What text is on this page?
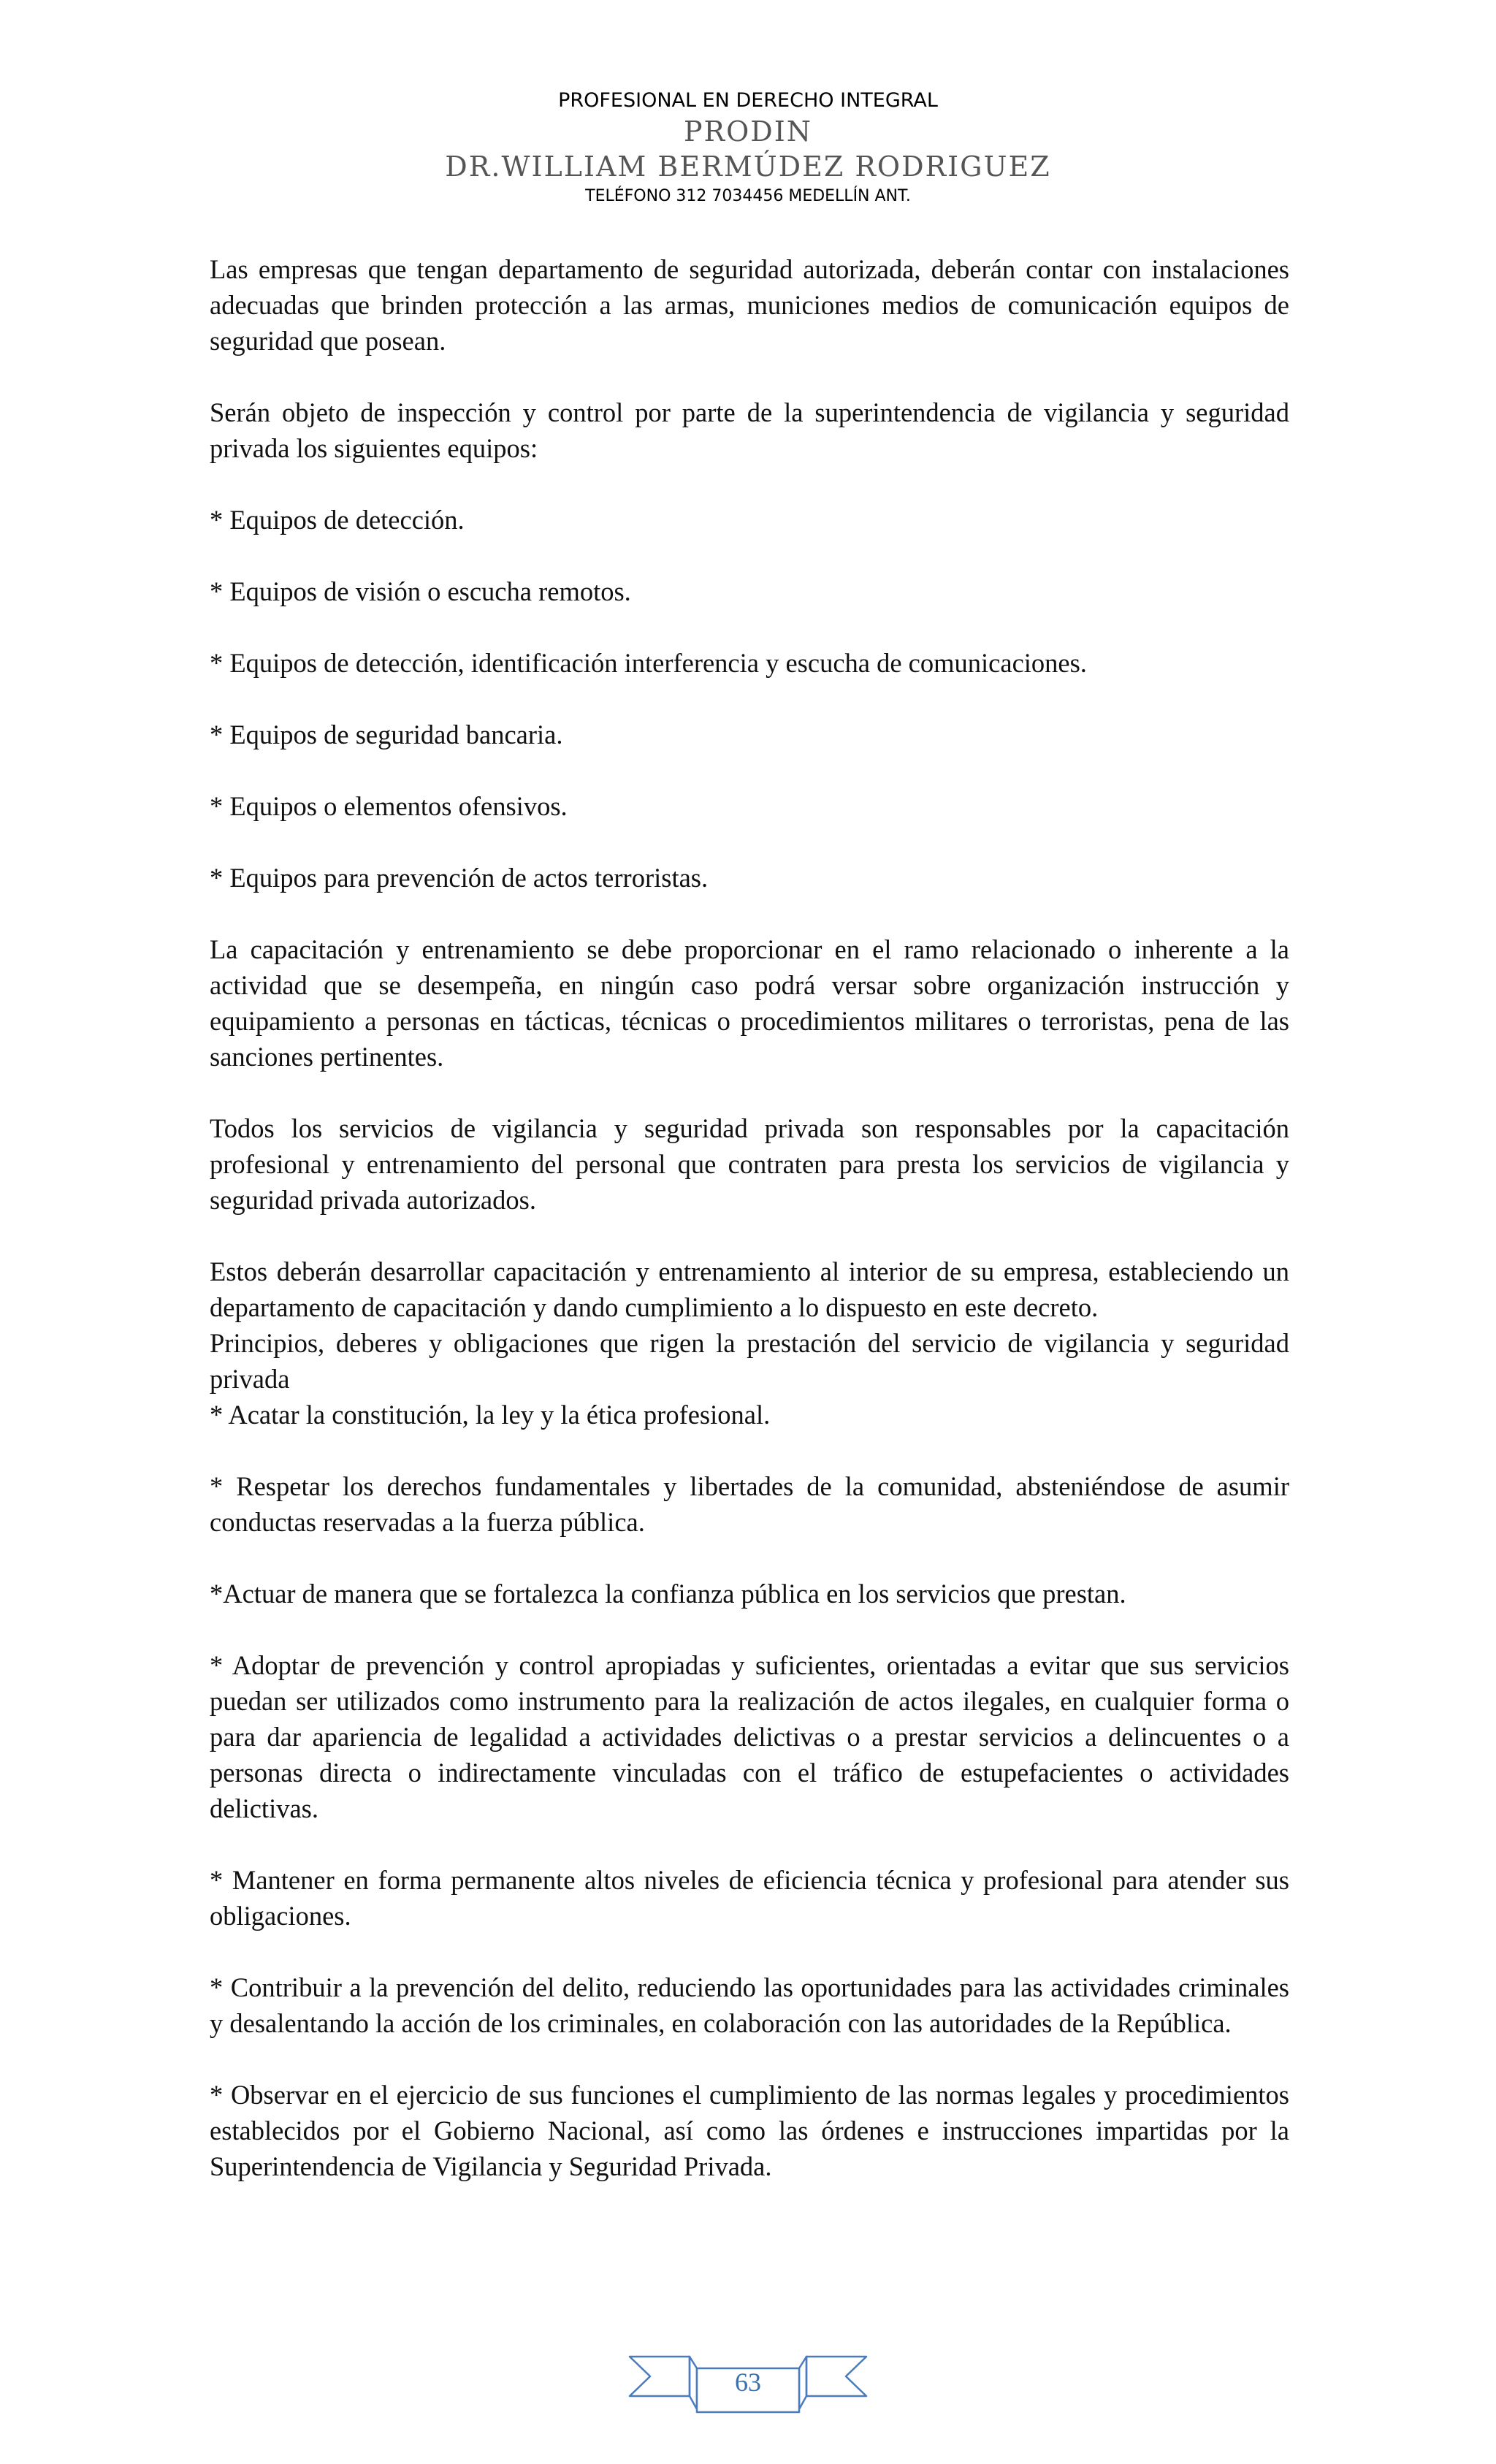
PROFESIONAL EN DERECHO INTEGRAL
PRODIN
DR.WILLIAM BERMÚDEZ RODRIGUEZ
TELÉFONO 312 7034456 MEDELLÍN ANT.

Las empresas que tengan departamento de seguridad autorizada, deberán contar con instalaciones adecuadas que brinden protección a las armas, municiones medios de comunicación equipos de seguridad que posean.

Serán objeto de inspección y control por parte de la superintendencia de vigilancia y seguridad privada los siguientes equipos:

* Equipos de detección.

* Equipos de visión o escucha remotos.

* Equipos de detección, identificación interferencia y escucha de comunicaciones.

* Equipos de seguridad bancaria.

* Equipos o elementos ofensivos.

* Equipos para prevención de actos terroristas.

La capacitación y entrenamiento se debe proporcionar en el ramo relacionado o inherente a la actividad que se desempeña, en ningún caso podrá versar sobre organización instrucción y equipamiento a personas en tácticas, técnicas o procedimientos militares o terroristas, pena de las sanciones pertinentes.

Todos los servicios de vigilancia y seguridad privada son responsables por la capacitación profesional y entrenamiento del personal que contraten para presta los servicios de vigilancia y seguridad privada autorizados.

Estos deberán desarrollar capacitación y entrenamiento al interior de su empresa, estableciendo un departamento de capacitación y dando cumplimiento a lo dispuesto en este decreto.

Principios, deberes y obligaciones que rigen la prestación del servicio de vigilancia y seguridad privada

* Acatar la constitución, la ley y la ética profesional.

* Respetar los derechos fundamentales y libertades de la comunidad, absteniéndose de asumir conductas reservadas a la fuerza pública.

*Actuar de manera que se fortalezca la confianza pública en los servicios que prestan.

* Adoptar de prevención y control apropiadas y suficientes, orientadas a evitar que sus servicios puedan ser utilizados como instrumento para la realización de actos ilegales, en cualquier forma o para dar apariencia de legalidad a actividades delictivas o a prestar servicios a delincuentes o a personas directa o indirectamente vinculadas con el tráfico de estupefacientes o actividades delictivas.

* Mantener en forma permanente altos niveles de eficiencia técnica y profesional para atender sus obligaciones.

* Contribuir a la prevención del delito, reduciendo las oportunidades para las actividades criminales y desalentando la acción de los criminales, en colaboración con las autoridades de la República.

* Observar en el ejercicio de sus funciones el cumplimiento de las normas legales y procedimientos establecidos por el Gobierno Nacional, así como las órdenes e instrucciones impartidas por la Superintendencia de Vigilancia y Seguridad Privada.

63
